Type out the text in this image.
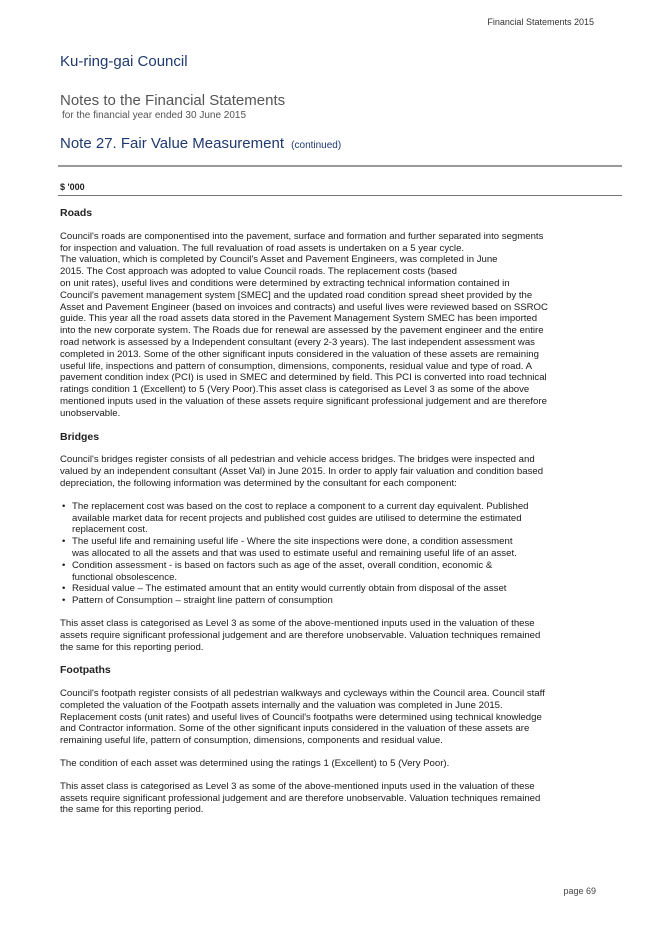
Financial Statements 2015
Ku-ring-gai Council
Notes to the Financial Statements
for the financial year ended 30 June 2015
Note 27. Fair Value Measurement (continued)
$ '000
Roads

Council's roads are componentised into the pavement, surface and formation and further separated into segments
for inspection and valuation. The full revaluation of road assets is undertaken on a 5 year cycle.
The valuation, which is completed by Council's Asset and Pavement Engineers, was completed in June
2015. The Cost approach was adopted to value Council roads. The replacement costs (based
on unit rates), useful lives and conditions were determined by extracting technical information contained in
Council's pavement management system [SMEC] and the updated road condition spread sheet provided by the
Asset and Pavement Engineer (based on invoices and contracts) and useful lives were reviewed based on SSROC
guide. This year all the road assets data stored in the Pavement Management System SMEC has been imported
into the new corporate system. The Roads due for renewal are assessed by the pavement engineer and the entire
road network is assessed by a Independent consultant (every 2-3 years). The last independent assessment was
completed in 2013. Some of the other significant inputs considered in the valuation of these assets are remaining
useful life, inspections and pattern of consumption, dimensions, components, residual value and type of road. A
pavement condition index (PCI) is used in SMEC and determined by field. This PCI is converted into road technical
ratings condition 1 (Excellent) to 5 (Very Poor).This asset class is categorised as Level 3 as some of the above
mentioned inputs used in the valuation of these assets require significant professional judgement and are therefore
unobservable.

Bridges

Council's bridges register consists of all pedestrian and vehicle access bridges. The bridges were inspected and
valued by an independent consultant (Asset Val) in June 2015. In order to apply fair valuation and condition based
depreciation, the following information was determined by the consultant for each component:

• The replacement cost was based on the cost to replace a component to a current day equivalent. Published
available market data for recent projects and published cost guides are utilised to determine the estimated
replacement cost.
• The useful life and remaining useful life - Where the site inspections were done, a condition assessment
was allocated to all the assets and that was used to estimate useful and remaining useful life of an asset.
• Condition assessment - is based on factors such as age of the asset, overall condition, economic &
functional obsolescence.
• Residual value – The estimated amount that an entity would currently obtain from disposal of the asset
• Pattern of Consumption – straight line pattern of consumption

This asset class is categorised as Level 3 as some of the above-mentioned inputs used in the valuation of these
assets require significant professional judgement and are therefore unobservable. Valuation techniques remained
the same for this reporting period.

Footpaths

Council's footpath register consists of all pedestrian walkways and cycleways within the Council area. Council staff
completed the valuation of the Footpath assets internally and the valuation was completed in June 2015.
Replacement costs (unit rates) and useful lives of Council's footpaths were determined using technical knowledge
and Contractor information. Some of the other significant inputs considered in the valuation of these assets are
remaining useful life, pattern of consumption, dimensions, components and residual value.

The condition of each asset was determined using the ratings 1 (Excellent) to 5 (Very Poor).

This asset class is categorised as Level 3 as some of the above-mentioned inputs used in the valuation of these
assets require significant professional judgement and are therefore unobservable. Valuation techniques remained
the same for this reporting period.

page 69
